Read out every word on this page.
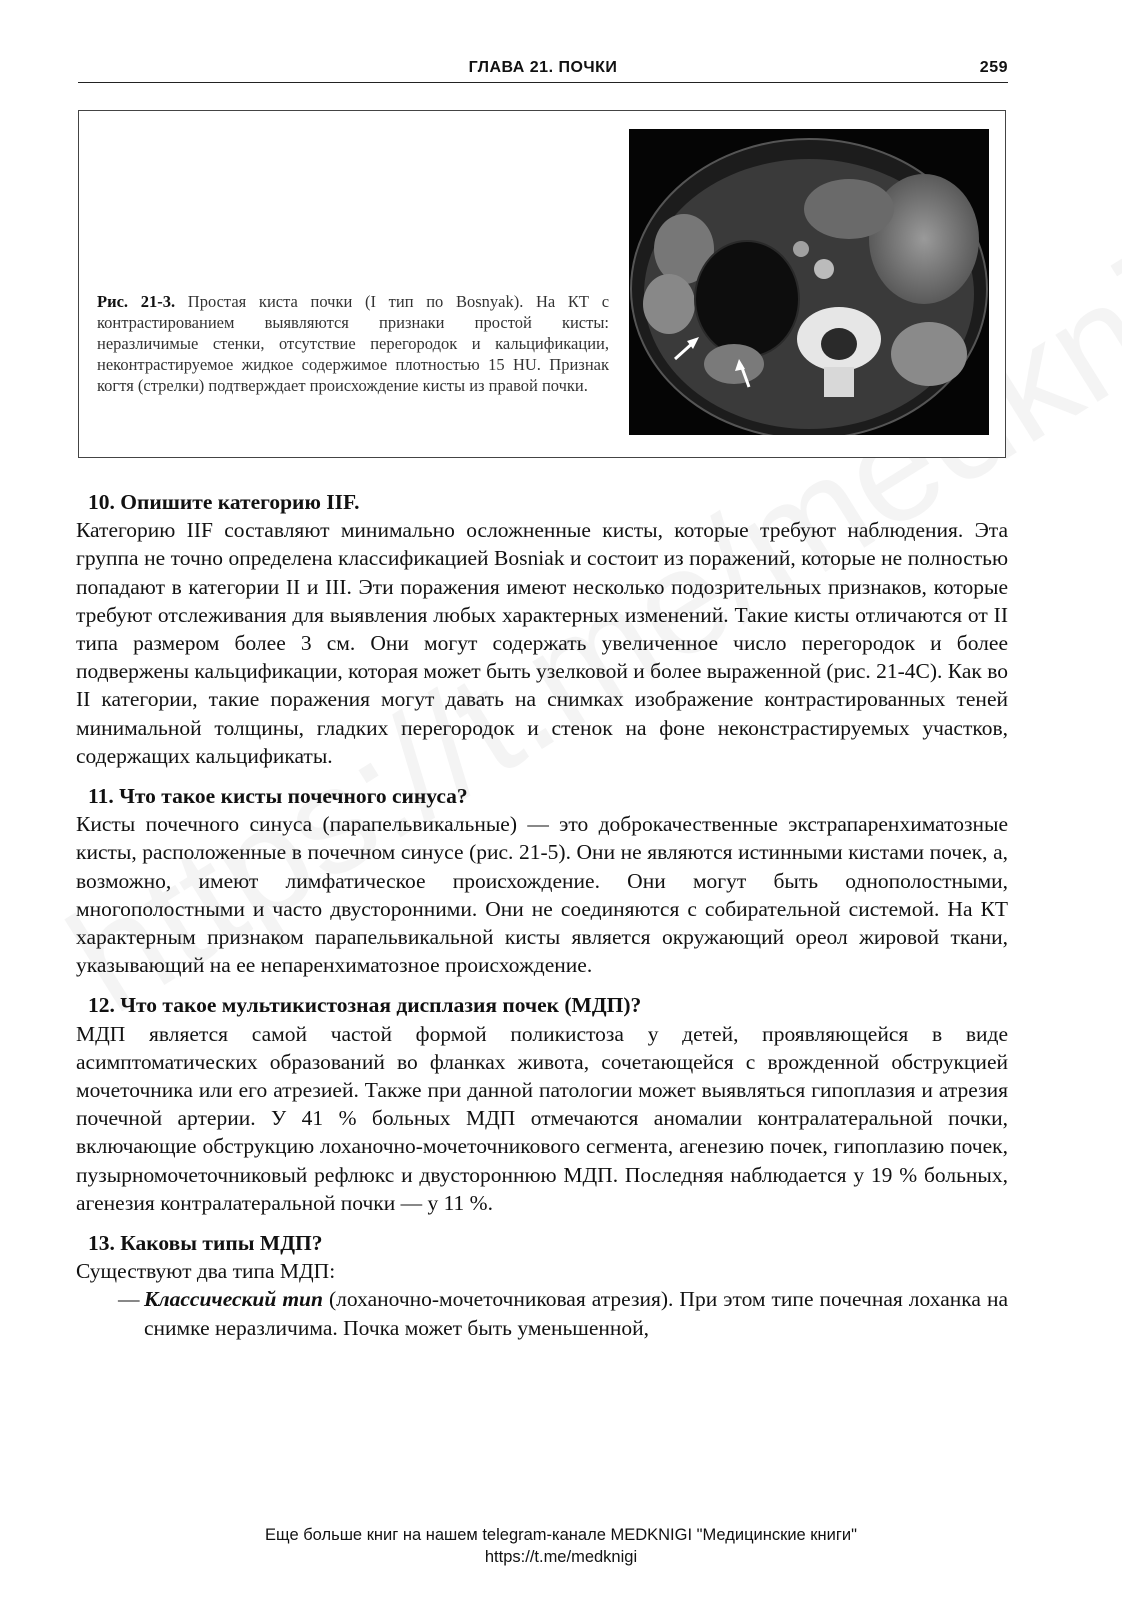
ГЛАВА 21. ПОЧКИ	259
Рис. 21-3. Простая киста почки (I тип по Bosnyak). На КТ с контрастированием выявляются признаки простой кисты: неразличимые стенки, отсутствие перегородок и кальцификации, неконтрастируемое жидкое содержимое плотностью 15 HU. Признак когтя (стрелки) подтверждает происхождение кисты из правой почки.
10. Опишите категорию IIF.

Категорию IIF составляют минимально осложненные кисты, которые требуют наблюдения. Эта группа не точно определена классификацией Bosniak и состоит из поражений, которые не полностью попадают в категории II и III. Эти поражения имеют несколько подозрительных признаков, которые требуют отслеживания для выявления любых характерных изменений. Такие кисты отличаются от II типа размером более 3 см. Они могут содержать увеличенное число перегородок и более подвержены кальцификации, которая может быть узелковой и более выраженной (рис. 21-4C). Как во II категории, такие поражения могут давать на снимках изображение контрастированных теней минимальной толщины, гладких перегородок и стенок на фоне неконстрастируемых участков, содержащих кальцификаты.

11. Что такое кисты почечного синуса?

Кисты почечного синуса (парапельвикальные) — это доброкачественные экстрапаренхиматозные кисты, расположенные в почечном синусе (рис. 21-5). Они не являются истинными кистами почек, а, возможно, имеют лимфатическое происхождение. Они могут быть однополостными, многополостными и часто двусторонними. Они не соединяются с собирательной системой. На КТ характерным признаком парапельвикальной кисты является окружающий ореол жировой ткани, указывающий на ее непаренхиматозное происхождение.

12. Что такое мультикистозная дисплазия почек (МДП)?

МДП является самой частой формой поликистоза у детей, проявляющейся в виде асимптоматических образований во фланках живота, сочетающейся с врожденной обструкцией мочеточника или его атрезией. Также при данной патологии может выявляться гипоплазия и атрезия почечной артерии. У 41 % больных МДП отмечаются аномалии контралатеральной почки, включающие обструкцию лоханочно-мочеточникового сегмента, агенезию почек, гипоплазию почек, пузырномочеточниковый рефлюкс и двустороннюю МДП. Последняя наблюдается у 19 % больных, агенезия контралатеральной почки — у 11 %.

13. Каковы типы МДП?

Существуют два типа МДП:

— Классический тип (лоханочно-мочеточниковая атрезия). При этом типе почечная лоханка на снимке неразличима. Почка может быть уменьшенной,
Еще больше книг на нашем telegram-канале MEDKNIGI "Медицинские книги"
https://t.me/medknigi
